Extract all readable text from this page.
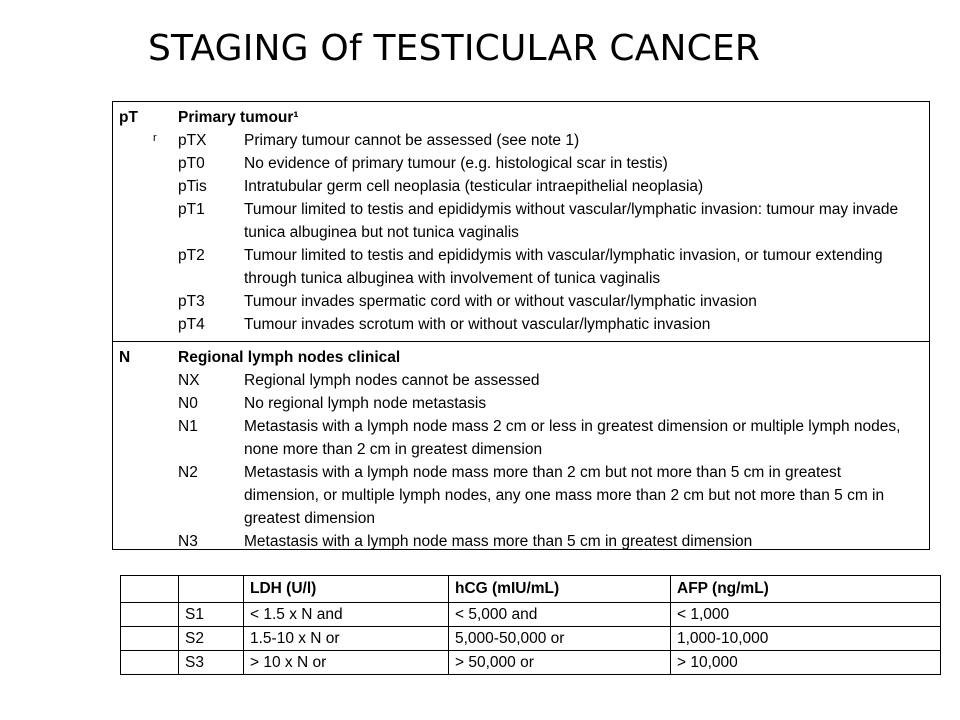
STAGING Of TESTICULAR CANCER
pT	Primary tumour¹
r pTX Primary tumour cannot be assessed (see note 1)
pT0	No evidence of primary tumour (e.g. histological scar in testis)
pTis Intratubular germ cell neoplasia (testicular intraepithelial neoplasia)
pT1	Tumour limited to testis and epididymis without vascular/lymphatic invasion: tumour may invade tunica albuginea but not tunica vaginalis
pT2	Tumour limited to testis and epididymis with vascular/lymphatic invasion, or tumour extending through tunica albuginea with involvement of tunica vaginalis
pT3	Tumour invades spermatic cord with or without vascular/lymphatic invasion
pT4	Tumour invades scrotum with or without vascular/lymphatic invasion
N	Regional lymph nodes clinical
NX	Regional lymph nodes cannot be assessed
N0	No regional lymph node metastasis
N1	Metastasis with a lymph node mass 2 cm or less in greatest dimension or multiple lymph nodes, none more than 2 cm in greatest dimension
N2	Metastasis with a lymph node mass more than 2 cm but not more than 5 cm in greatest dimension, or multiple lymph nodes, any one mass more than 2 cm but not more than 5 cm in greatest dimension
N3	Metastasis with a lymph node mass more than 5 cm in greatest dimension
		LDH (U/l)	hCG (mIU/mL)	AFP (ng/mL)
	S1	< 1.5 x N and	< 5,000 and	< 1,000
	S2	1.5-10 x N or	5,000-50,000 or	1,000-10,000
	S3	> 10 x N or	> 50,000 or	> 10,000
